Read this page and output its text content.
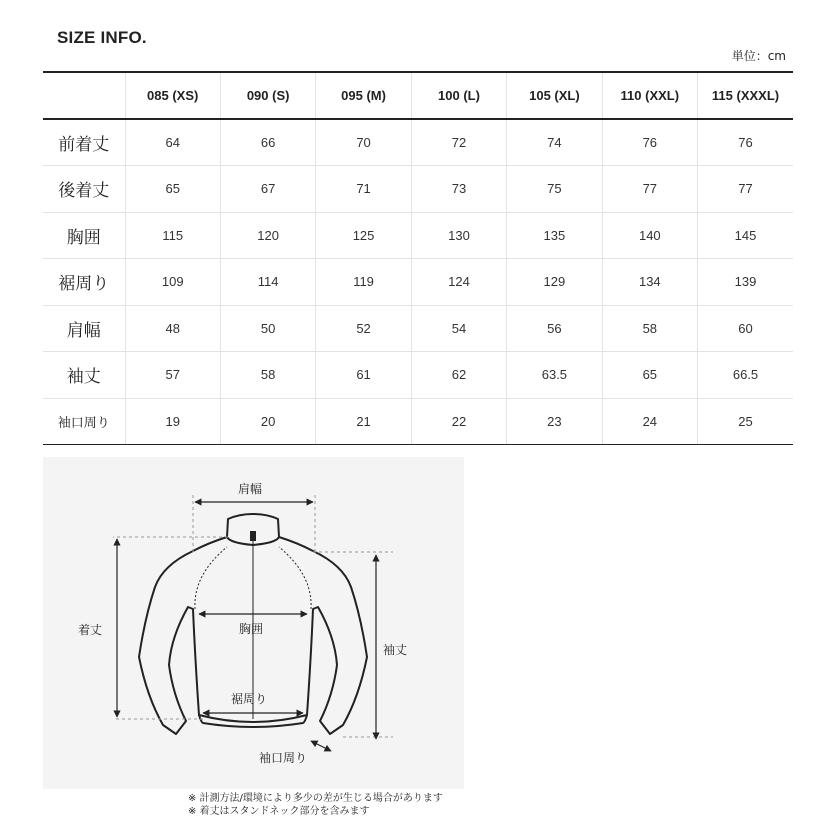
SIZE INFO.
単位：cm
	085 (XS)	090 (S)	095 (M)	100 (L)	105 (XL)	110 (XXL)	115 (XXXL)
前着丈	64	66	70	72	74	76	76
後着丈	65	67	71	73	75	77	77
胸囲	115	120	125	130	135	140	145
裾周り	109	114	119	124	129	134	139
肩幅	48	50	52	54	56	58	60
袖丈	57	58	61	62	63.5	65	66.5
袖口周り	19	20	21	22	23	24	25
肩幅
着丈	胸囲
袖丈
裾周り
袖口周り
※ 計測方法/環境により多少の差が生じる場合があります
※ 着丈はスタンドネック部分を含みます
